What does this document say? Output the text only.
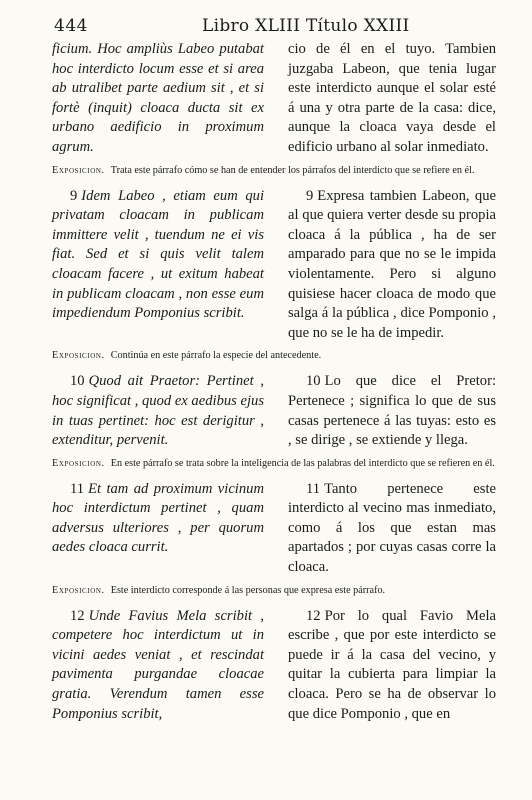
444	Libro XLIII Título XXIII
ficium. Hoc ampliùs Labeo putabat hoc interdicto locum esse et si area ab utralibet parte aedium sit , et si fortè (inquit) cloaca ducta sit ex urbano aedificio in proximum agrum.
cio de él en el tuyo. Tambien juzgaba Labeon, que tenia lugar este interdicto aunque el solar esté á una y otra parte de la casa: dice, aunque la cloaca vaya desde el edificio urbano al solar inmediato.
Exposicion. Trata este párrafo cómo se han de entender los párrafos del interdicto que se refiere en él.
9 Idem Labeo , etiam eum qui privatam cloacam in publicam immittere velit , tuendum ne ei vis fiat. Sed et si quis velit talem cloacam facere , ut exitum habeat in publicam cloacam , non esse eum impediendum Pomponius scribit.
9 Expresa tambien Labeon, que al que quiera verter desde su propia cloaca á la pública , ha de ser amparado para que no se le impida violentamente. Pero si alguno quisiese hacer cloaca de modo que salga á la pública , dice Pomponio , que no se le ha de impedir.
Exposicion. Continúa en este párrafo la especie del antecedente.
10 Quod ait Praetor: Pertinet , hoc significat , quod ex aedibus ejus in tuas pertinet: hoc est derigitur , extenditur, pervenit.
10 Lo que dice el Pretor: Pertenece ; significa lo que de sus casas pertenece á las tuyas: esto es , se dirige , se extiende y llega.
Exposicion. En este párrafo se trata sobre la inteligencia de las palabras del interdicto que se refieren en él.
11 Et tam ad proximum vicinum hoc interdictum pertinet , quam adversus ulteriores , per quorum aedes cloaca currit.
11 Tanto pertenece este interdicto al vecino mas inmediato, como á los que estan mas apartados ; por cuyas casas corre la cloaca.
Exposicion. Este interdicto corresponde á las personas que expresa este párrafo.
12 Unde Favius Mela scribit , competere hoc interdictum ut in vicini aedes veniat , et rescindat pavimenta purgandae cloacae gratia. Verendum tamen esse Pomponius scribit,
12 Por lo qual Favio Mela escribe , que por este interdicto se puede ir á la casa del vecino, y quitar la cubierta para limpiar la cloaca. Pero se ha de observar lo que dice Pomponio , que en
